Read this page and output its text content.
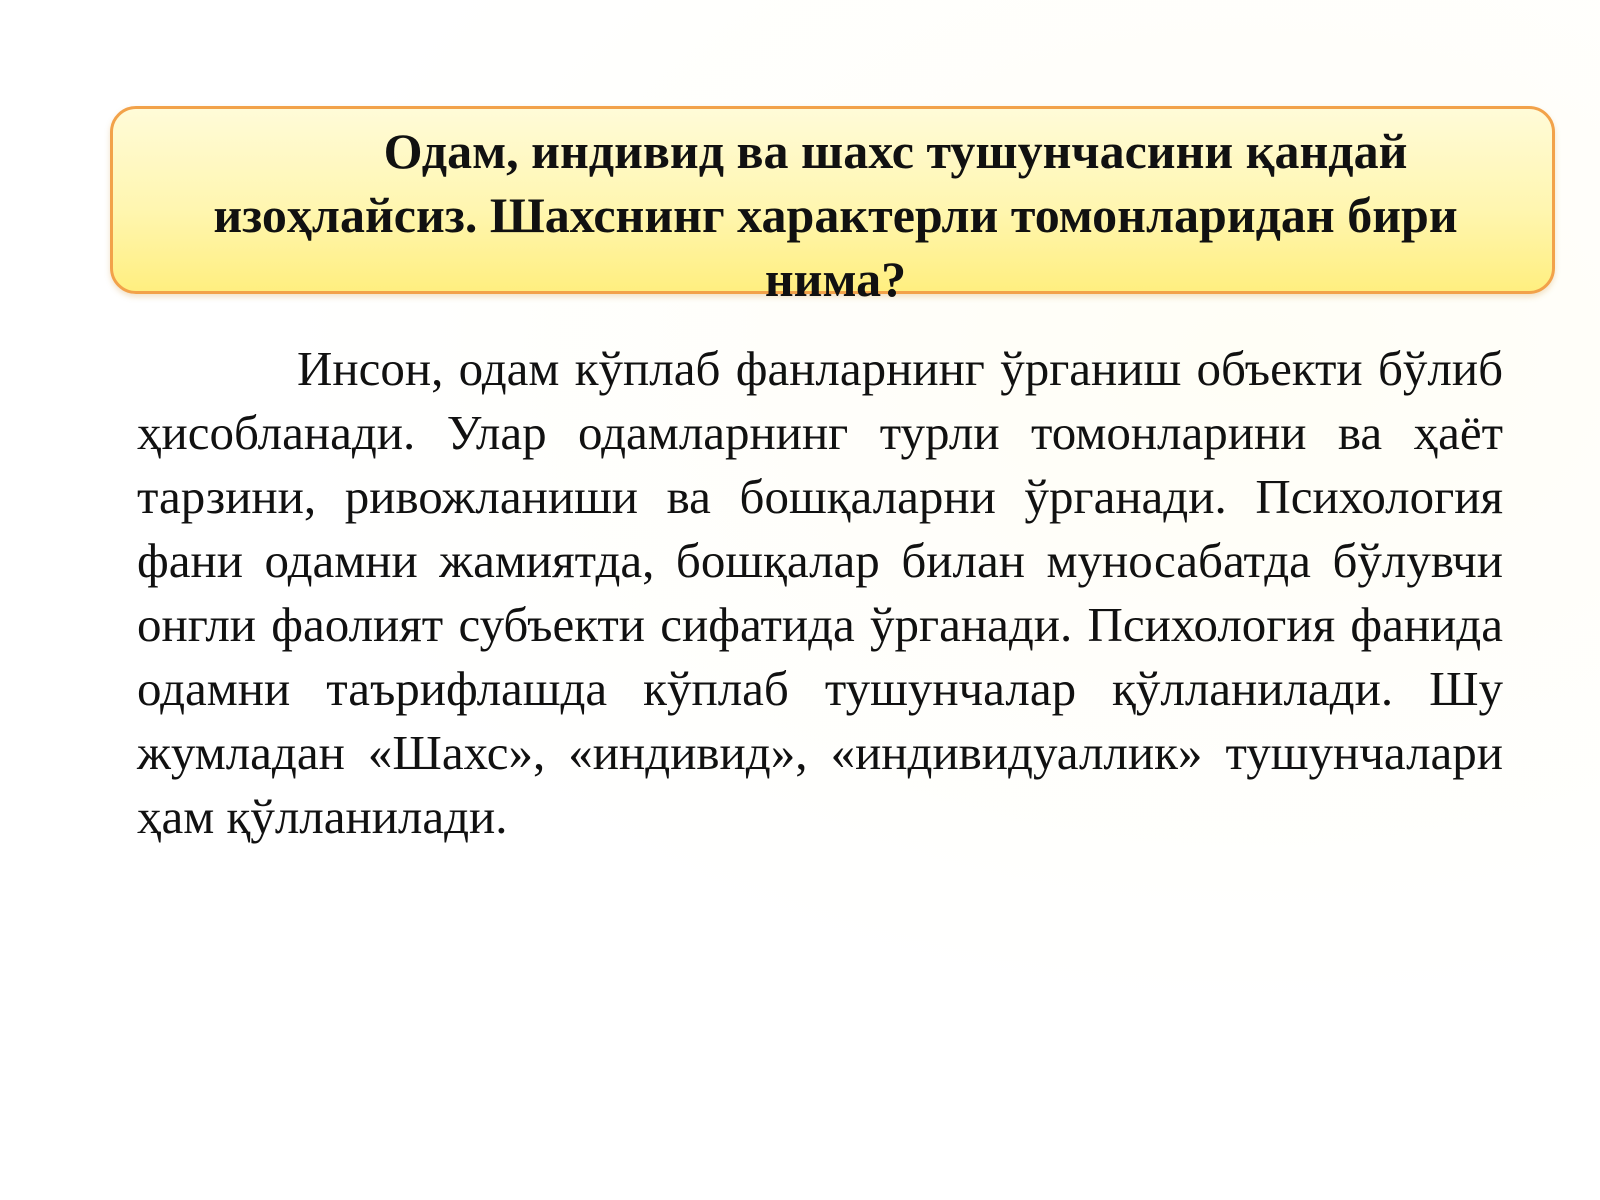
Одам, индивид ва шахс тушунчасини қандай изоҳлайсиз. Шахснинг характерли томонларидан бири нима?

Инсон, одам кўплаб фанларнинг ўрганиш объекти бўлиб ҳисобланади. Улар одамларнинг турли томонларини ва ҳаёт тарзини, ривожланиши ва бошқаларни ўрганади. Психология фани одамни жамиятда, бошқалар билан муносабатда бўлувчи онгли фаолият субъекти сифатида ўрганади. Психология фанида одамни таърифлашда кўплаб тушунчалар қўлланилади. Шу жумладан «Шахс», «индивид», «индивидуаллик» тушунчалари ҳам қўлланилади.
